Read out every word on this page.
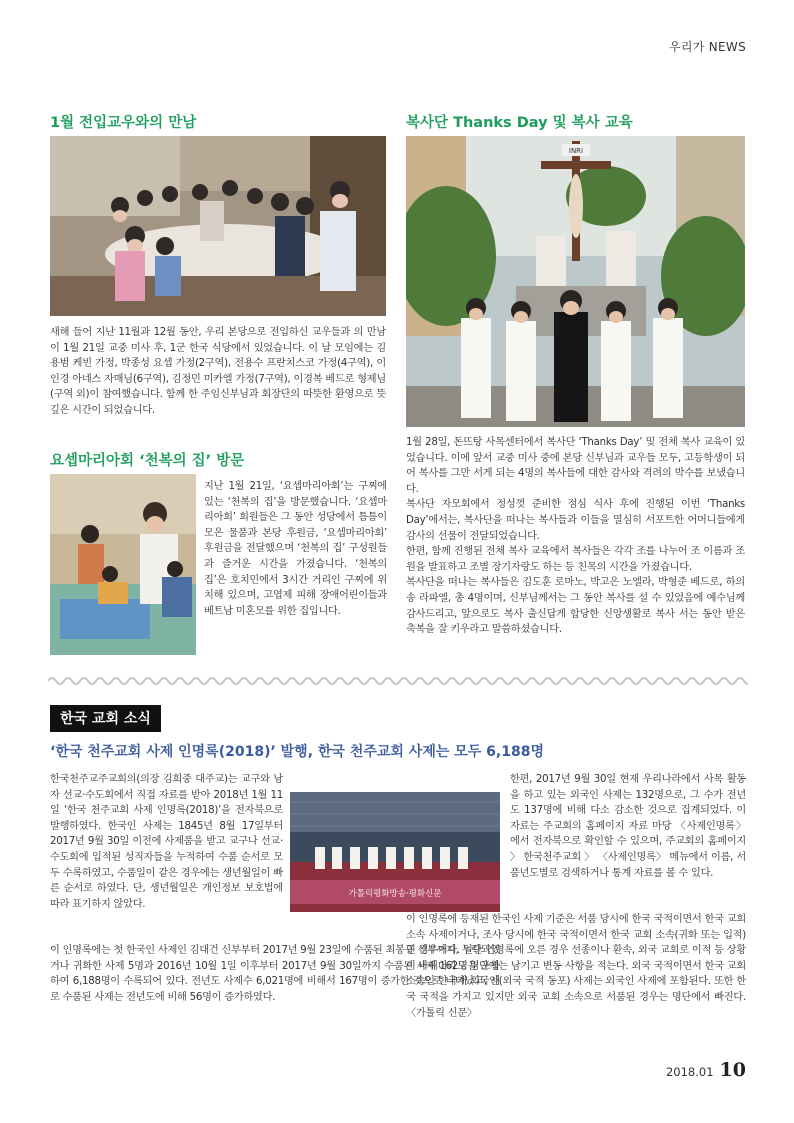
우리가 NEWS
1월 전입교우와의 만남
새해 들어 지난 11월과 12월 동안, 우리 본당으로 전입하신 교우들과 의 만남이 1월 21일 교중 미사 후, 1군 한국 식당에서 있었습니다. 이 날 모임에는 김용범 케빈 가정, 박종성 요셉 가정(2구역), 전용수 프란치스코 가정(4구역), 이인경 아네스 자매님(6구역), 김정민 미카엘 가정(7구역), 이경복 베드로 형제님(구역 외)이 참여했습니다. 함께 한 주임신부님과 회장단의 따뜻한 환영으로 뜻 깊은 시간이 되었습니다.
요셉마리아회 ‘천복의 집’ 방문
지난 1월 21일, ‘요셉마리아회’는 구찌에 있는 ‘천복의 집’을 방문했습니다. ‘요셉마리아회’ 회원들은 그 동안 성당에서 틈틈이 모은 물품과 본당 후원금, ‘요셉마리아회’ 후원금을 전달했으며 ‘천복의 집’ 구성원들과 즐거운 시간을 가졌습니다. ‘천복의 집’은 호치민에서 3시간 거리인 구찌에 위치해 있으며, 고엽제 피해 장애어린이들과 베트남 미혼모를 위한 집입니다.
복사단 Thanks Day 및 복사 교육
INRI

1월 28일, 돈뜨탕 사목센터에서 복사단 ‘Thanks Day’ 및 전체 복사 교육이 있었습니다. 이에 앞서 교중 미사 중에 본당 신부님과 교우들 모두, 고등학생이 되어 복사를 그만 서게 되는 4명의 복사들에 대한 감사와 격려의 박수를 보냈습니다.

복사단 자모회에서 정성껏 준비한 점심 식사 후에 진행된 이번 ‘Thanks Day’에서는, 복사단을 떠나는 복사들과 이들을 열심히 서포트한 어머니들에게 감사의 선물이 전달되었습니다.

한편, 함께 진행된 전체 복사 교육에서 복사들은 각각 조를 나누어 조 이름과 조원을 발표하고 조별 장기자랑도 하는 등 친목의 시간을 가졌습니다.

복사단을 떠나는 복사들은 김도훈 로마노, 박고은 노엘라, 박형준 베드로, 하의송 라파엘, 총 4명이며, 신부님께서는 그 동안 복사를 설 수 있었음에 예수님께 감사드리고, 앞으로도 복사 출신답게 합당한 신앙생활로 복사 서는 동안 받은 축복을 잘 키우라고 말씀하셨습니다.

한국 교회 소식
‘한국 천주교회 사제 인명록(2018)’ 발행, 한국 천주교회 사제는 모두 6,188명
한국천주교주교회의(의장 김희중 대주교)는 교구와 남자 선교·수도회에서 직접 자료를 받아 2018년 1월 11일 ‘한국 천주교회 사제 인명록(2018)’을 전자북으로 발행하였다. 한국인 사제는 1845년 8월 17일부터 2017년 9월 30일 이전에 사제품을 받고 교구나 선교·수도회에 입적된 성직자들을 누적하여 수품 순서로 모두 수록하였고, 수품일이 같은 경우에는 생년월일이 빠른 순서로 하였다. 단, 생년월일은 개인정보 보호법에 따라 표기하지 않았다.
이 인명록에는 첫 한국인 사제인 김대건 신부부터 2017년 9월 23일에 수품된 최봉규 신부까지, 누락되었거나 귀화한 사제 5명과 2016년 10월 1일 이후부터 2017년 9월 30일까지 수품된 사제 162명을 포함하여 6,188명이 수록되어 있다. 전년도 사제수 6,021명에 비해서 167명이 증가한 것으로 나타났고, 새로 수품된 사제는 전년도에 비해 56명이 증가하였다.
가톨릭평화방송·평화신문
한편, 2017년 9월 30일 현재 우리나라에서 사목 활동을 하고 있는 외국인 사제는 132명으로, 그 수가 전년도 137명에 비해 다소 감소한 것으로 집계되었다. 이 자료는 주교회의 홈페이지 자료 마당 〈사제인명록〉에서 전자북으로 확인할 수 있으며, 주교회의 홈페이지 〉 한국천주교회 〉 〈사제인명록〉 메뉴에서 이름, 서품년도별로 검색하거나 통계 자료를 볼 수 있다.
이 인명록에 등재된 한국인 사제 기준은 서품 당시에 한국 국적이면서 한국 교회 소속 사제이거나, 조사 당시에 한국 국적이면서 한국 교회 소속(귀화 또는 입적)인 경우이다. 일단 인명록에 오른 경우 선종이나 환속, 외국 교회로 이적 등 상황이 바뀌더라도 명단에는 남기고 변동 사항을 적는다. 외국 국적이면서 한국 교회 소속인 한국계 외국인(외국 국적 동포) 사제는 외국인 사제에 포함된다. 또한 한국 국적을 가지고 있지만 외국 교회 소속으로 서품된 경우는 명단에서 빠진다. 〈가톨릭 신문〉
2018.01 10
